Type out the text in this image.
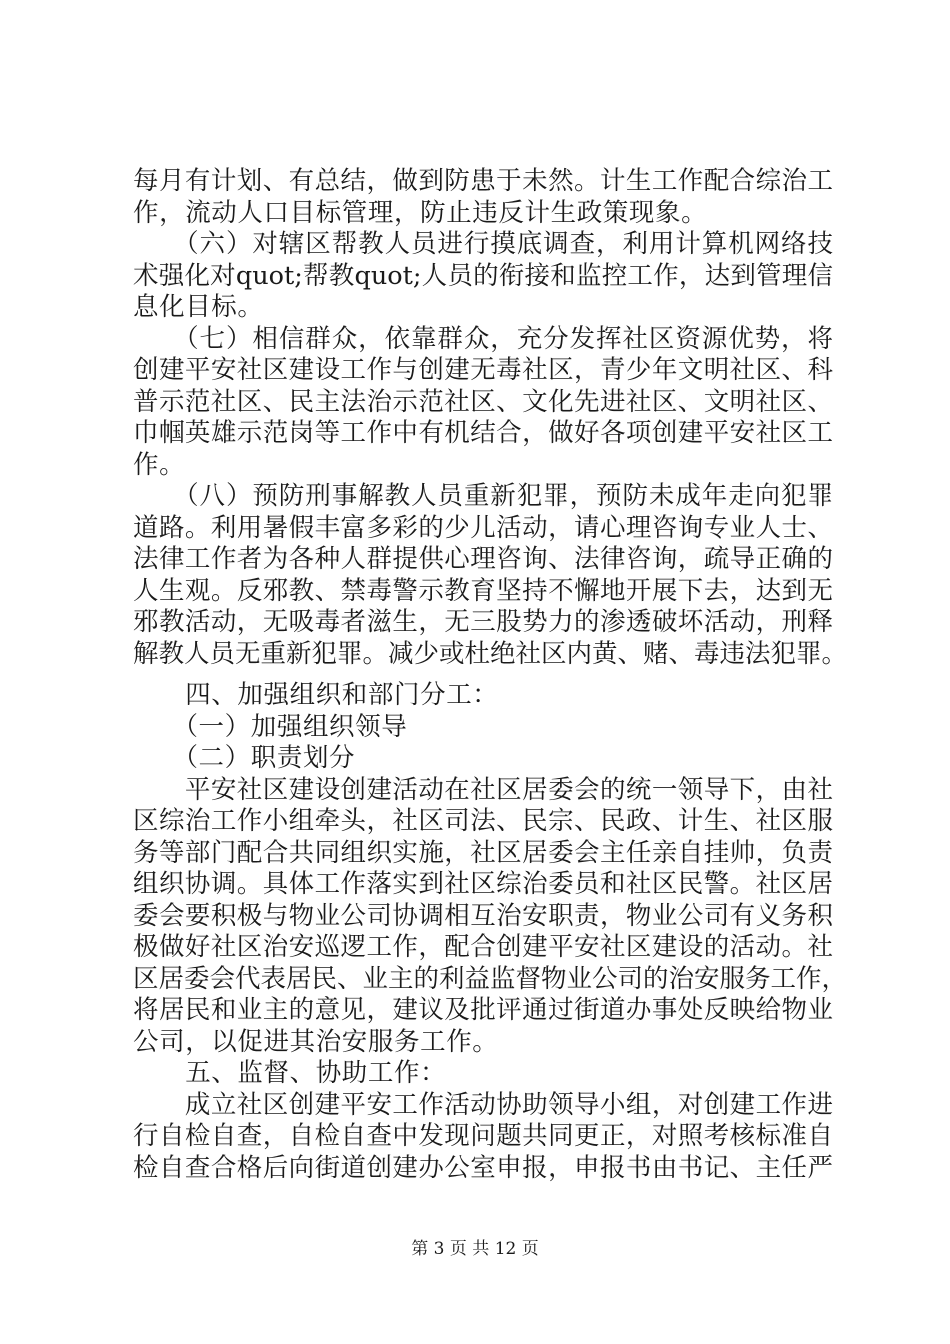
每月有计划、有总结，做到防患于未然。计生工作配合综治工
作，流动人口目标管理，防止违反计生政策现象。
　　（六）对辖区帮教人员进行摸底调查，利用计算机网络技
术强化对quot;帮教quot;人员的衔接和监控工作，达到管理信
息化目标。
　　（七）相信群众，依靠群众，充分发挥社区资源优势，将
创建平安社区建设工作与创建无毒社区，青少年文明社区、科
普示范社区、民主法治示范社区、文化先进社区、文明社区、
巾帼英雄示范岗等工作中有机结合，做好各项创建平安社区工
作。
　　（八）预防刑事解教人员重新犯罪，预防未成年走向犯罪
道路。利用暑假丰富多彩的少儿活动，请心理咨询专业人士、
法律工作者为各种人群提供心理咨询、法律咨询，疏导正确的
人生观。反邪教、禁毒警示教育坚持不懈地开展下去，达到无
邪教活动，无吸毒者滋生，无三股势力的渗透破坏活动，刑释
解教人员无重新犯罪。减少或杜绝社区内黄、赌、毒违法犯罪。
　　四、加强组织和部门分工：
　　（一）加强组织领导
　　（二）职责划分
　　平安社区建设创建活动在社区居委会的统一领导下，由社
区综治工作小组牵头，社区司法、民宗、民政、计生、社区服
务等部门配合共同组织实施，社区居委会主任亲自挂帅，负责
组织协调。具体工作落实到社区综治委员和社区民警。社区居
委会要积极与物业公司协调相互治安职责，物业公司有义务积
极做好社区治安巡逻工作，配合创建平安社区建设的活动。社
区居委会代表居民、业主的利益监督物业公司的治安服务工作，
将居民和业主的意见，建议及批评通过街道办事处反映给物业
公司，以促进其治安服务工作。
　　五、监督、协助工作：
　　成立社区创建平安工作活动协助领导小组，对创建工作进
行自检自查，自检自查中发现问题共同更正，对照考核标准自
检自查合格后向街道创建办公室申报，申报书由书记、主任严
第 3 页 共 12 页
